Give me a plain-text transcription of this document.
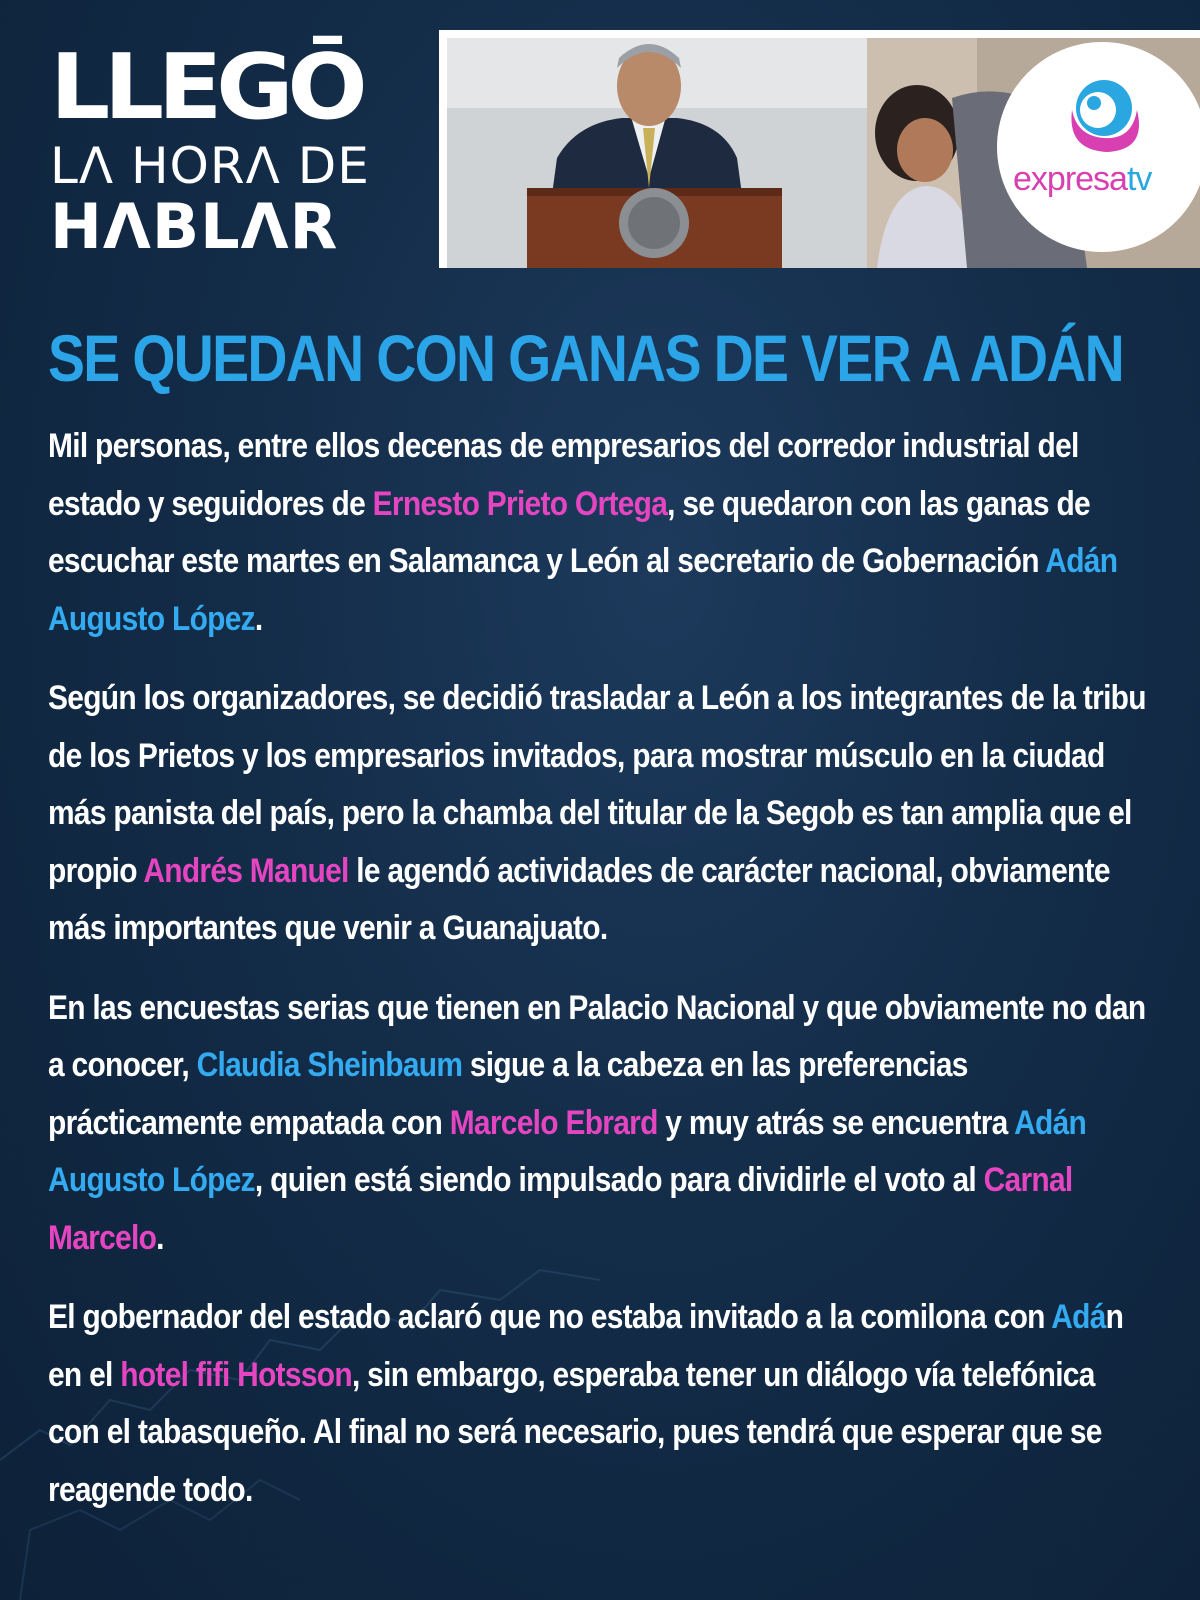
LLEGŌ
LΛ HORΛ DE
HΛBLΛR
expresatv
SE QUEDAN CON GANAS DE VER A ADÁN

Mil personas, entre ellos decenas de empresarios del corredor industrial del estado y seguidores de Ernesto Prieto Ortega, se quedaron con las ganas de escuchar este martes en Salamanca y León al secretario de Gobernación Adán Augusto López.

Según los organizadores, se decidió trasladar a León a los integrantes de la tribu de los Prietos y los empresarios invitados, para mostrar músculo en la ciudad más panista del país, pero la chamba del titular de la Segob es tan amplia que el propio Andrés Manuel le agendó actividades de carácter nacional, obviamente más importantes que venir a Guanajuato.

En las encuestas serias que tienen en Palacio Nacional y que obviamente no dan a conocer, Claudia Sheinbaum sigue a la cabeza en las preferencias prácticamente empatada con Marcelo Ebrard y muy atrás se encuentra Adán Augusto López, quien está siendo impulsado para dividirle el voto al Carnal Marcelo.

El gobernador del estado aclaró que no estaba invitado a la comilona con Adán en el hotel fifi Hotsson, sin embargo, esperaba tener un diálogo vía telefónica con el tabasqueño. Al final no será necesario, pues tendrá que esperar que se reagende todo.
